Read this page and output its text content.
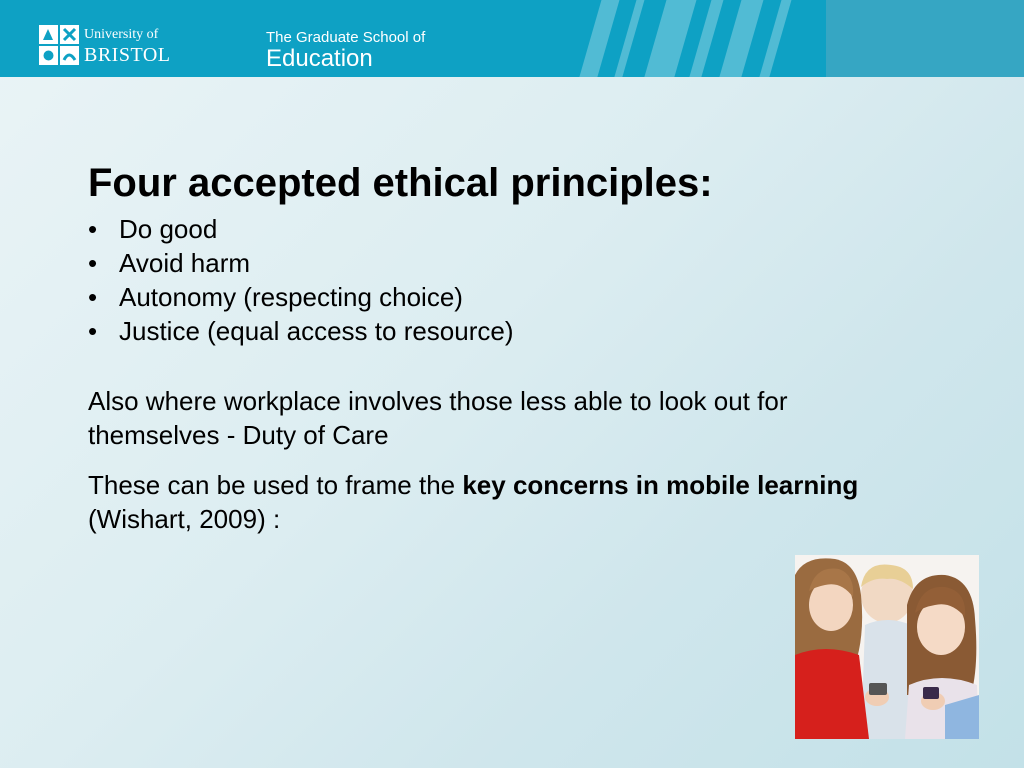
University of
BRISTOL
The Graduate School of
Education
Four accepted ethical principles:
• Do good
• Avoid harm
• Autonomy (respecting choice)
• Justice (equal access to resource)

Also where workplace involves those less able to look out for themselves - Duty of Care

These can be used to frame the key concerns in mobile learning (Wishart, 2009) :
